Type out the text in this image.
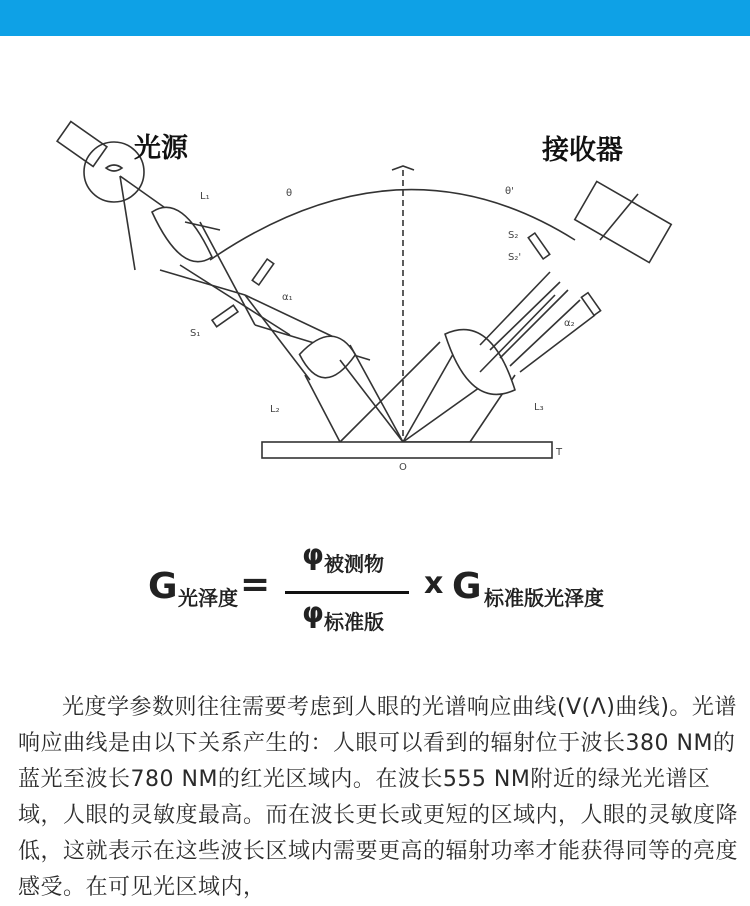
光源	接收器
L₁
L₂	L₃
S₁
S₂
S₂'
θ	θ'
α₁
α₂
O
T
G 光泽度 =
φ 被测物
φ 标准版
x G 标准版光泽度
光度学参数则往往需要考虑到人眼的光谱响应曲线(V(Λ)曲线)。光谱响应曲线是由以下关系产生的：人眼可以看到的辐射位于波长380 NM的蓝光至波长780 NM的红光区域内。在波长555 NM附近的绿光光谱区域，人眼的灵敏度最高。而在波长更长或更短的区域内，人眼的灵敏度降低，这就表示在这些波长区域内需要更高的辐射功率才能获得同等的亮度感受。在可见光区域内，
